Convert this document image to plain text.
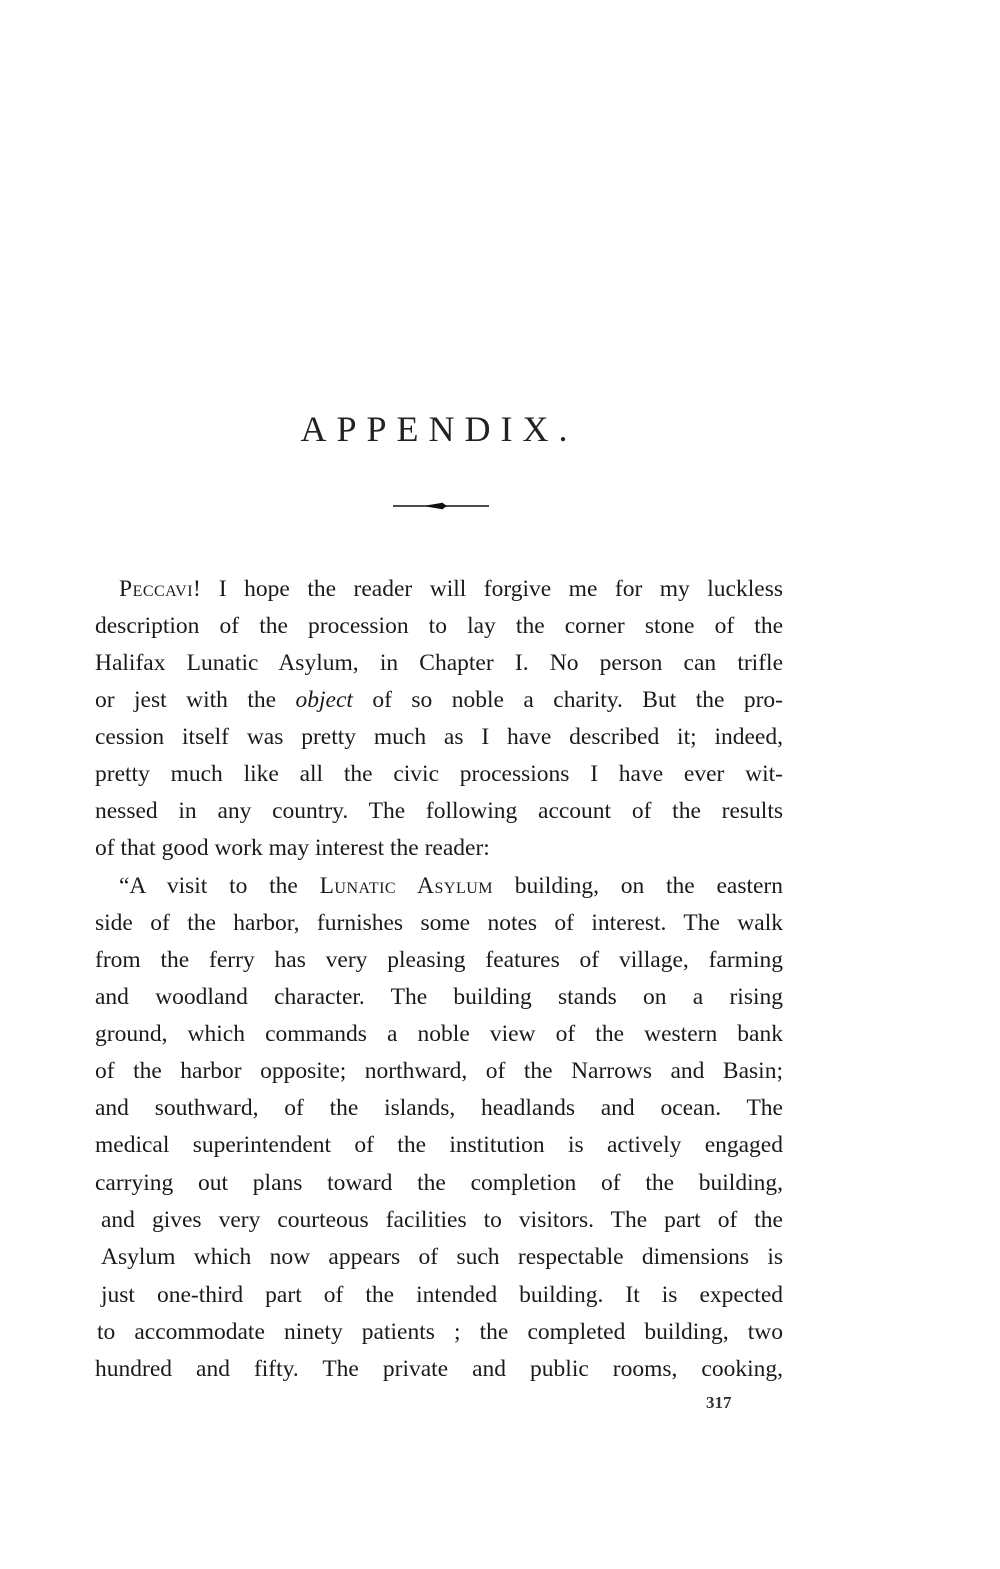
APPENDIX.
Peccavi! I hope the reader will forgive me for my luckless
description of the procession to lay the corner stone of the
Halifax Lunatic Asylum, in Chapter I. No person can trifle
or jest with the object of so noble a charity. But the pro-
cession itself was pretty much as I have described it; indeed,
pretty much like all the civic processions I have ever wit-
nessed in any country. The following account of the results
of that good work may interest the reader:
“A visit to the Lunatic Asylum building, on the eastern
side of the harbor, furnishes some notes of interest. The walk
from the ferry has very pleasing features of village, farming
and woodland character. The building stands on a rising
ground, which commands a noble view of the western bank
of the harbor opposite; northward, of the Narrows and Basin;
and southward, of the islands, headlands and ocean. The
medical superintendent of the institution is actively engaged
carrying out plans toward the completion of the building,
and gives very courteous facilities to visitors. The part of the
Asylum which now appears of such respectable dimensions is
just one-third part of the intended building. It is expected
to accommodate ninety patients ; the completed building, two
hundred and fifty. The private and public rooms, cooking,
317
